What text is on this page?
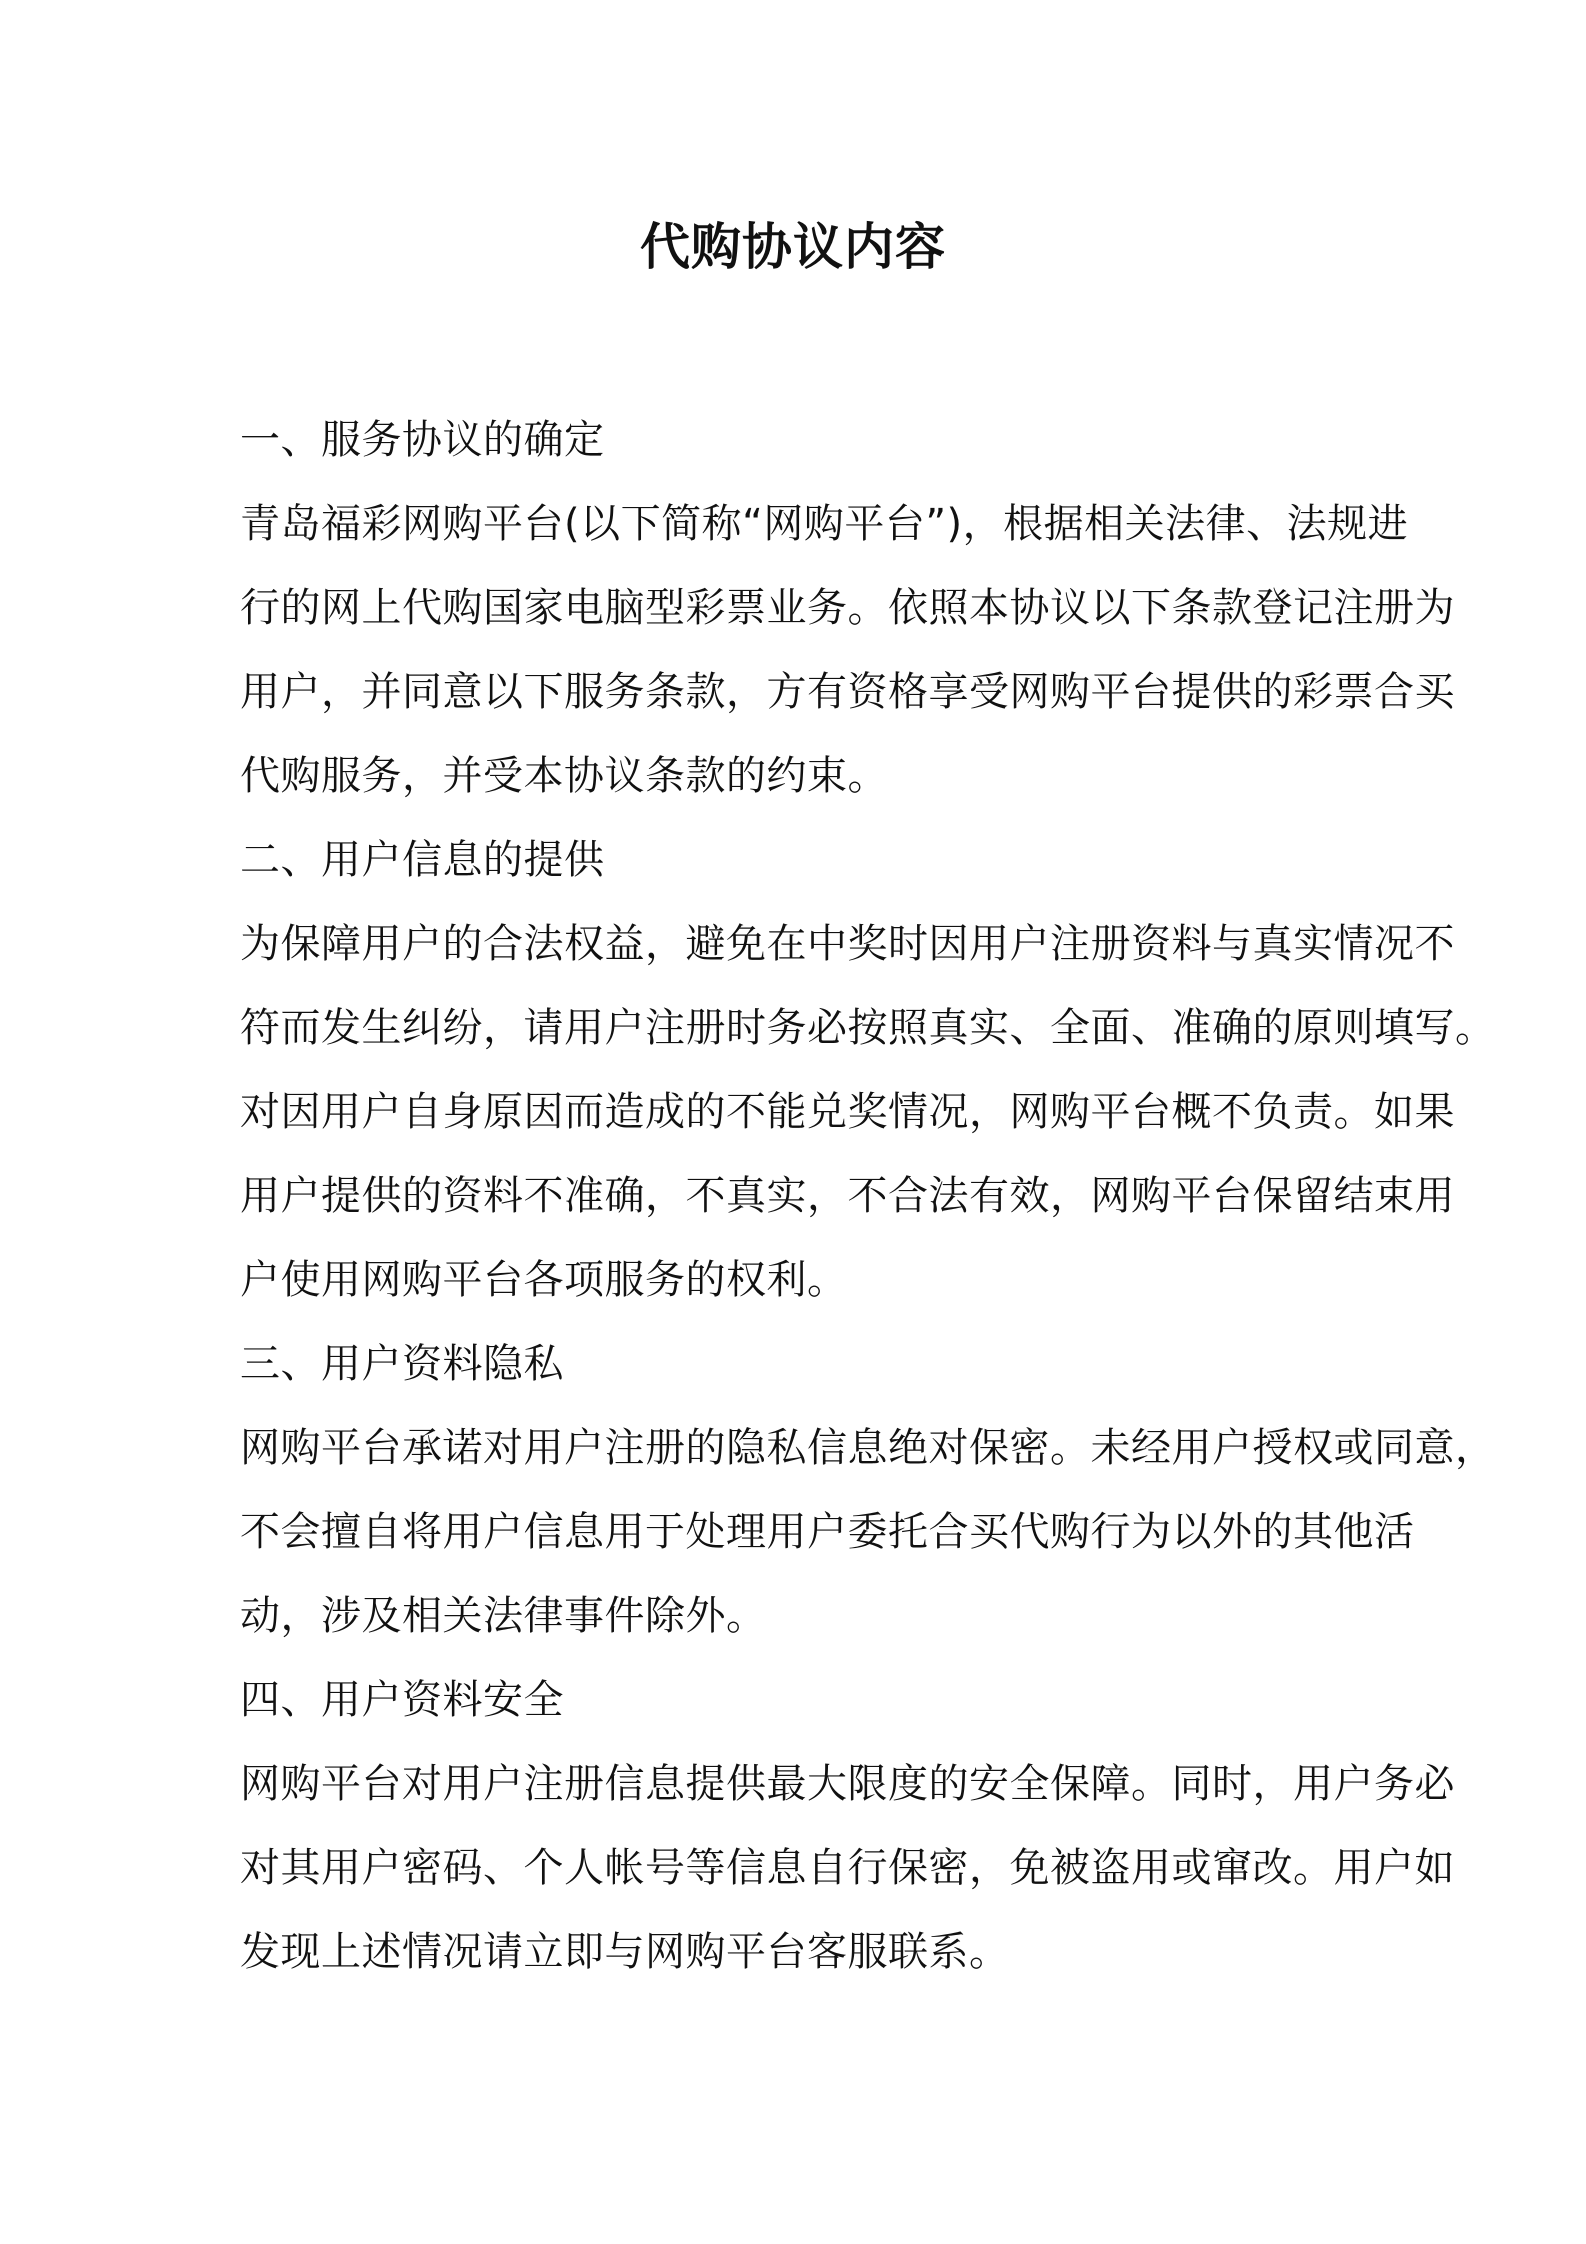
代购协议内容
一、服务协议的确定
青岛福彩网购平台(以下简称“网购平台”)，根据相关法律、法规进
行的网上代购国家电脑型彩票业务。依照本协议以下条款登记注册为
用户，并同意以下服务条款，方有资格享受网购平台提供的彩票合买
代购服务，并受本协议条款的约束。
二、用户信息的提供
为保障用户的合法权益，避免在中奖时因用户注册资料与真实情况不
符而发生纠纷，请用户注册时务必按照真实、全面、准确的原则填写。
对因用户自身原因而造成的不能兑奖情况，网购平台概不负责。如果
用户提供的资料不准确，不真实，不合法有效，网购平台保留结束用
户使用网购平台各项服务的权利。
三、用户资料隐私
网购平台承诺对用户注册的隐私信息绝对保密。未经用户授权或同意，
不会擅自将用户信息用于处理用户委托合买代购行为以外的其他活
动，涉及相关法律事件除外。
四、用户资料安全
网购平台对用户注册信息提供最大限度的安全保障。同时，用户务必
对其用户密码、个人帐号等信息自行保密，免被盗用或窜改。用户如
发现上述情况请立即与网购平台客服联系。
